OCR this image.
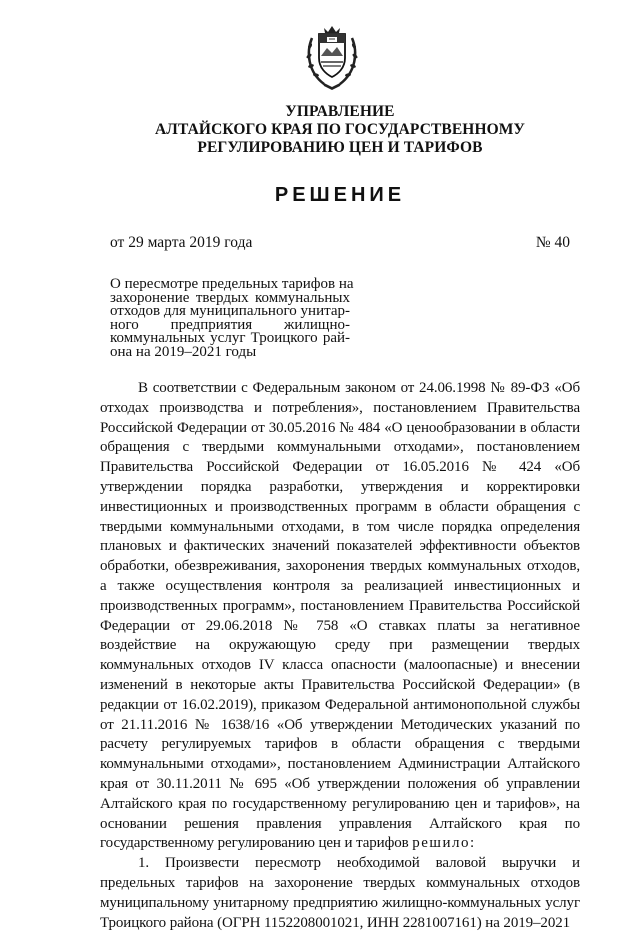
УПРАВЛЕНИЕ
АЛТАЙСКОГО КРАЯ ПО ГОСУДАРСТВЕННОМУ
РЕГУЛИРОВАНИЮ ЦЕН И ТАРИФОВ
РЕШЕНИЕ
от 29 марта 2019 года	№ 40
О пересмотре предельных тарифов на
захоронение твердых коммунальных
отходов для муниципального унитар-
ного предприятия жилищно-
коммунальных услуг Троицкого рай-
она на 2019–2021 годы

В соответствии с Федеральным законом от 24.06.1998 № 89-ФЗ «Об отходах производства и потребления», постановлением Правительства Российской Федерации от 30.05.2016 № 484 «О ценообразовании в области обращения с твердыми коммунальными отходами», постановлением Правительства Российской Федерации от 16.05.2016 № 424 «Об утверждении порядка разработки, утверждения и корректировки инвестиционных и производственных программ в области обращения с твердыми коммунальными отходами, в том числе порядка определения плановых и фактических значений показателей эффективности объектов обработки, обезвреживания, захоронения твердых коммунальных отходов, а также осуществления контроля за реализацией инвестиционных и производственных программ», постановлением Правительства Российской Федерации от 29.06.2018 № 758 «О ставках платы за негативное воздействие на окружающую среду при размещении твердых коммунальных отходов IV класса опасности (малоопасные) и внесении изменений в некоторые акты Правительства Российской Федерации» (в редакции от 16.02.2019), приказом Федеральной антимонопольной службы от 21.11.2016 № 1638/16 «Об утверждении Методических указаний по расчету регулируемых тарифов в области обращения с твердыми коммунальными отходами», постановлением Администрации Алтайского края от 30.11.2011 № 695 «Об утверждении положения об управлении Алтайского края по государственному регулированию цен и тарифов», на основании решения правления управления Алтайского края по государственному регулированию цен и тарифов решило:

1. Произвести пересмотр необходимой валовой выручки и предельных тарифов на захоронение твердых коммунальных отходов муниципальному унитарному предприятию жилищно-коммунальных услуг Троицкого района (ОГРН 1152208001021, ИНН 2281007161) на 2019–2021
